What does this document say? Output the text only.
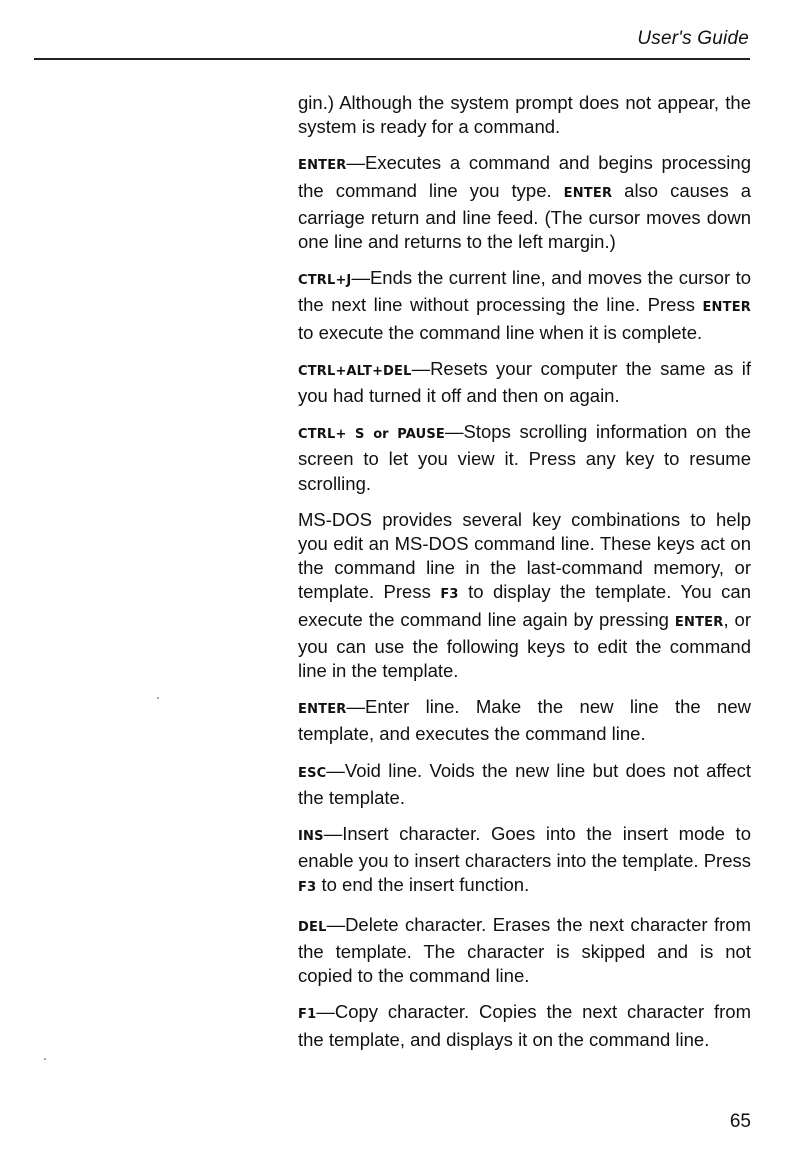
User's Guide

gin.) Although the system prompt does not appear, the system is ready for a command.

ENTER—Executes a command and begins processing the command line you type. ENTER also causes a carriage return and line feed. (The cursor moves down one line and returns to the left margin.)

CTRL+J—Ends the current line, and moves the cursor to the next line without processing the line. Press ENTER to execute the command line when it is complete.

CTRL+ALT+DEL—Resets your computer the same as if you had turned it off and then on again.

CTRL+ S or PAUSE—Stops scrolling information on the screen to let you view it. Press any key to resume scrolling.

MS-DOS provides several key combinations to help you edit an MS-DOS command line. These keys act on the command line in the last-command memory, or template. Press F3 to display the template. You can execute the command line again by pressing ENTER, or you can use the following keys to edit the command line in the template.

ENTER—Enter line. Make the new line the new template, and executes the command line.

ESC—Void line. Voids the new line but does not affect the template.

INS—Insert character. Goes into the insert mode to enable you to insert characters into the template. Press F3 to end the insert function.

DEL—Delete character. Erases the next character from the template. The character is skipped and is not copied to the command line.

F1—Copy character. Copies the next character from the template, and displays it on the command line.

65
